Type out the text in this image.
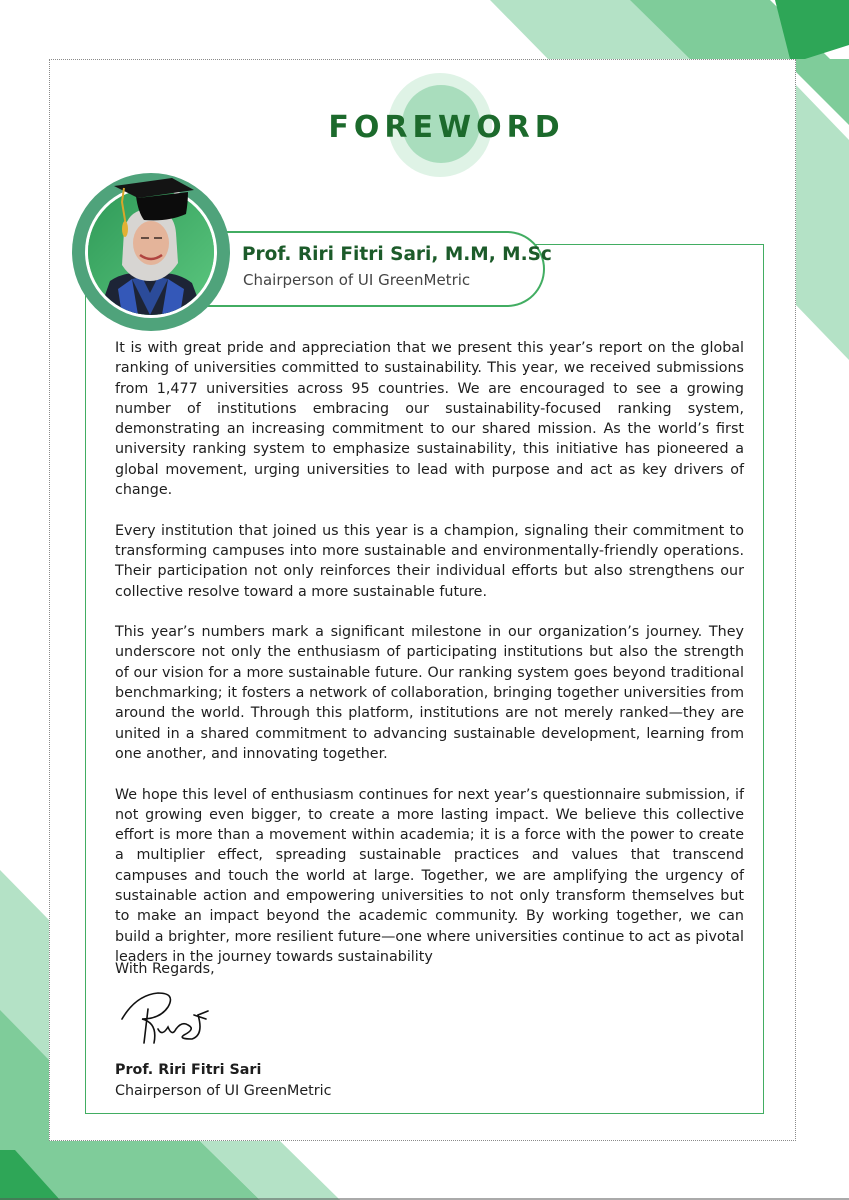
FOREWORD
Prof. Riri Fitri Sari, M.M, M.Sc
Chairperson of UI GreenMetric

It is with great pride and appreciation that we present this year’s report on the global ranking of universities committed to sustainability. This year, we received submissions from 1,477 universities across 95 countries. We are encouraged to see a growing number of institutions embracing our sustainability-focused ranking system, demonstrating an increasing commitment to our shared mission. As the world’s first university ranking system to emphasize sustainability, this initiative has pioneered a global movement, urging universities to lead with purpose and act as key drivers of change.

Every institution that joined us this year is a champion, signaling their commitment to transforming campuses into more sustainable and environmentally-friendly operations. Their participation not only reinforces their individual efforts but also strengthens our collective resolve toward a more sustainable future.

This year’s numbers mark a significant milestone in our organization’s journey. They underscore not only the enthusiasm of participating institutions but also the strength of our vision for a more sustainable future. Our ranking system goes beyond traditional benchmarking; it fosters a network of collaboration, bringing together universities from around the world. Through this platform, institutions are not merely ranked—they are united in a shared commitment to advancing sustainable development, learning from one another, and innovating together.

We hope this level of enthusiasm continues for next year’s questionnaire submission, if not growing even bigger, to create a more lasting impact. We believe this collective effort is more than a movement within academia; it is a force with the power to create a multiplier effect, spreading sustainable practices and values that transcend campuses and touch the world at large. Together, we are amplifying the urgency of sustainable action and empowering universities to not only transform themselves but to make an impact beyond the academic community. By working together, we can build a brighter, more resilient future—one where universities continue to act as pivotal leaders in the journey towards sustainability

With Regards,
Prof. Riri Fitri Sari
Chairperson of UI GreenMetric
